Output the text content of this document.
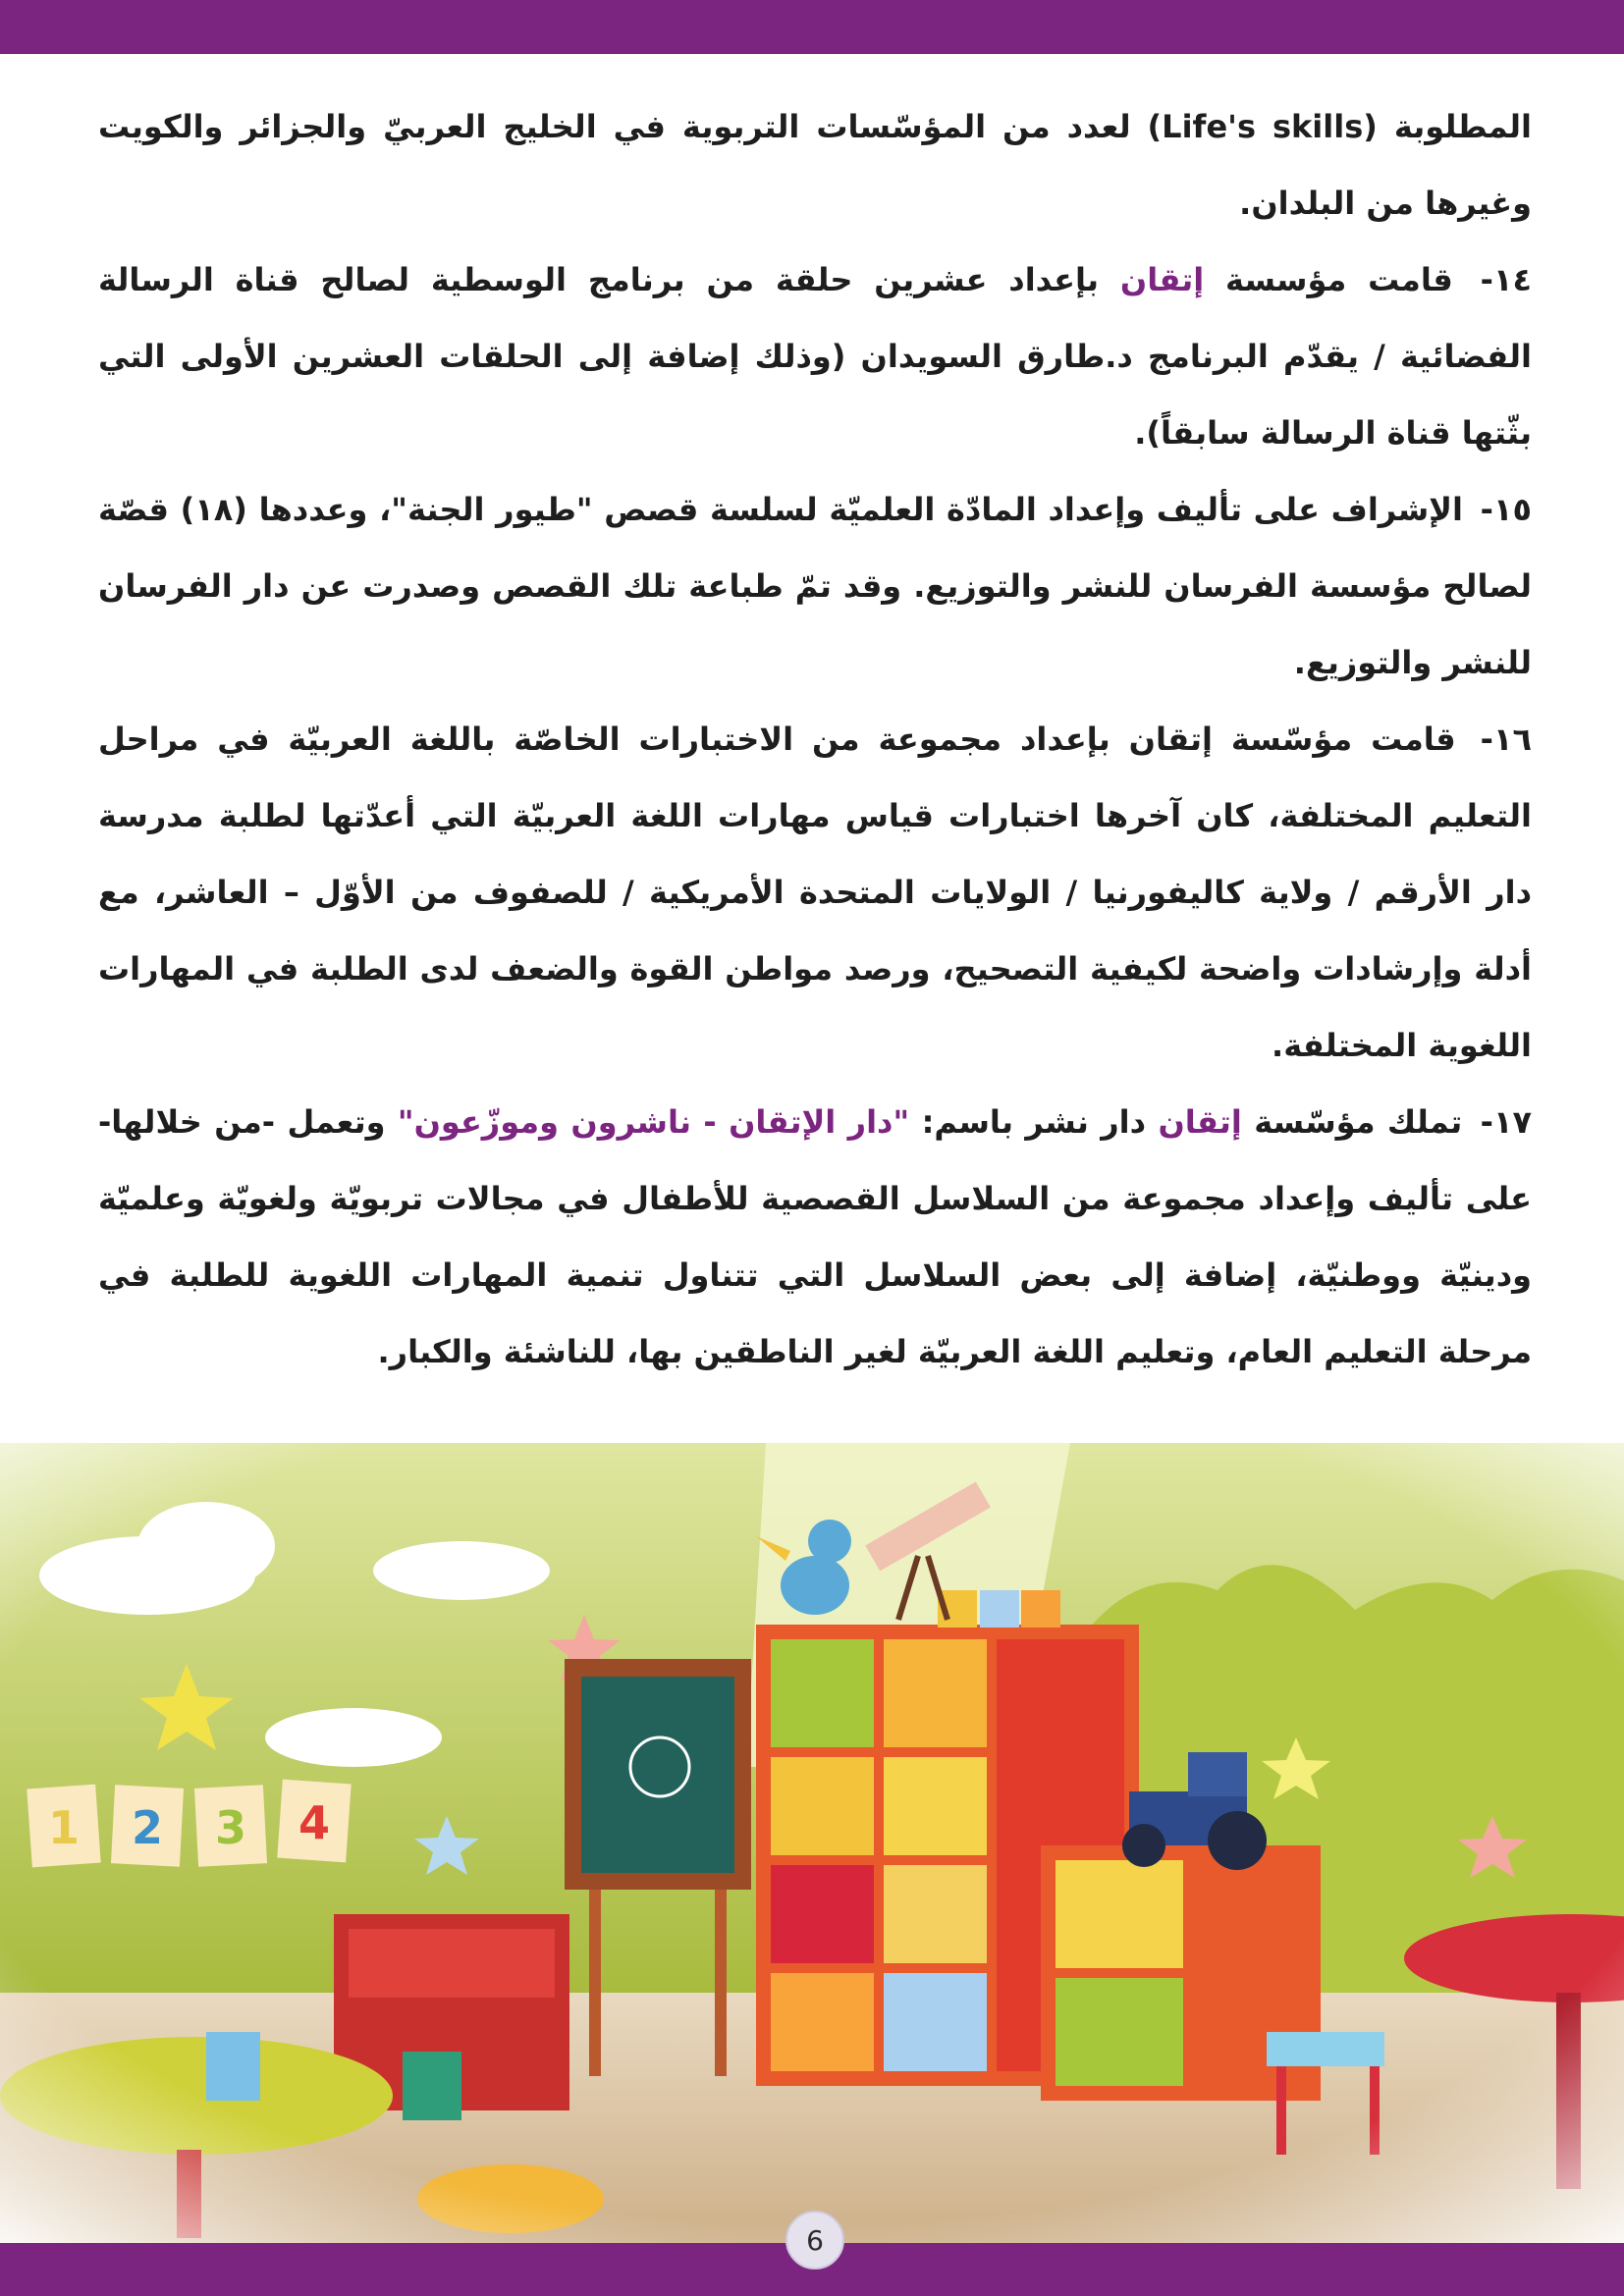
المطلوبة (Life's skills) لعدد من المؤسّسات التربوية في الخليج العربيّ والجزائر والكويت وغيرها من البلدان.

١٤- قامت مؤسسة إتقان بإعداد عشرين حلقة من برنامج الوسطية لصالح قناة الرسالة الفضائية / يقدّم البرنامج د.طارق السويدان (وذلك إضافة إلى الحلقات العشرين الأولى التي بثّتها قناة الرسالة سابقاً).

١٥- الإشراف على تأليف وإعداد المادّة العلميّة لسلسة قصص "طيور الجنة"، وعددها (١٨) قصّة لصالح مؤسسة الفرسان للنشر والتوزيع. وقد تمّ طباعة تلك القصص وصدرت عن دار الفرسان للنشر والتوزيع.

١٦- قامت مؤسّسة إتقان بإعداد مجموعة من الاختبارات الخاصّة باللغة العربيّة في مراحل التعليم المختلفة، كان آخرها اختبارات قياس مهارات اللغة العربيّة التي أعدّتها لطلبة مدرسة دار الأرقم / ولاية كاليفورنيا / الولايات المتحدة الأمريكية / للصفوف من الأوّل – العاشر، مع أدلة وإرشادات واضحة لكيفية التصحيح، ورصد مواطن القوة والضعف لدى الطلبة في المهارات اللغوية المختلفة.

١٧- تملك مؤسّسة إتقان دار نشر باسم: "دار الإتقان - ناشرون وموزّعون" وتعمل -من خلالها- على تأليف وإعداد مجموعة من السلاسل القصصية للأطفال في مجالات تربويّة ولغويّة وعلميّة ودينيّة ووطنيّة، إضافة إلى بعض السلاسل التي تتناول تنمية المهارات اللغوية للطلبة في مرحلة التعليم العام، وتعليم اللغة العربيّة لغير الناطقين بها، للناشئة والكبار.

6
